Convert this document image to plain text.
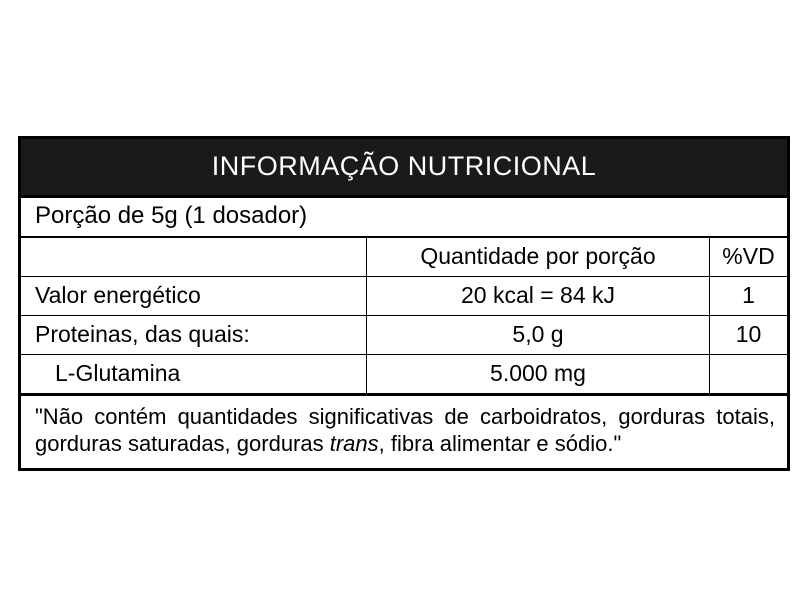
INFORMAÇÃO NUTRICIONAL
Porção de 5g (1 dosador)
	Quantidade por porção	%VD
Valor energético	20 kcal = 84 kJ	1
Proteinas, das quais:	5,0 g	10
L-Glutamina	5.000 mg	
"Não contém quantidades significativas de carboidratos, gorduras totais, gorduras saturadas, gorduras trans, fibra alimentar e sódio."
